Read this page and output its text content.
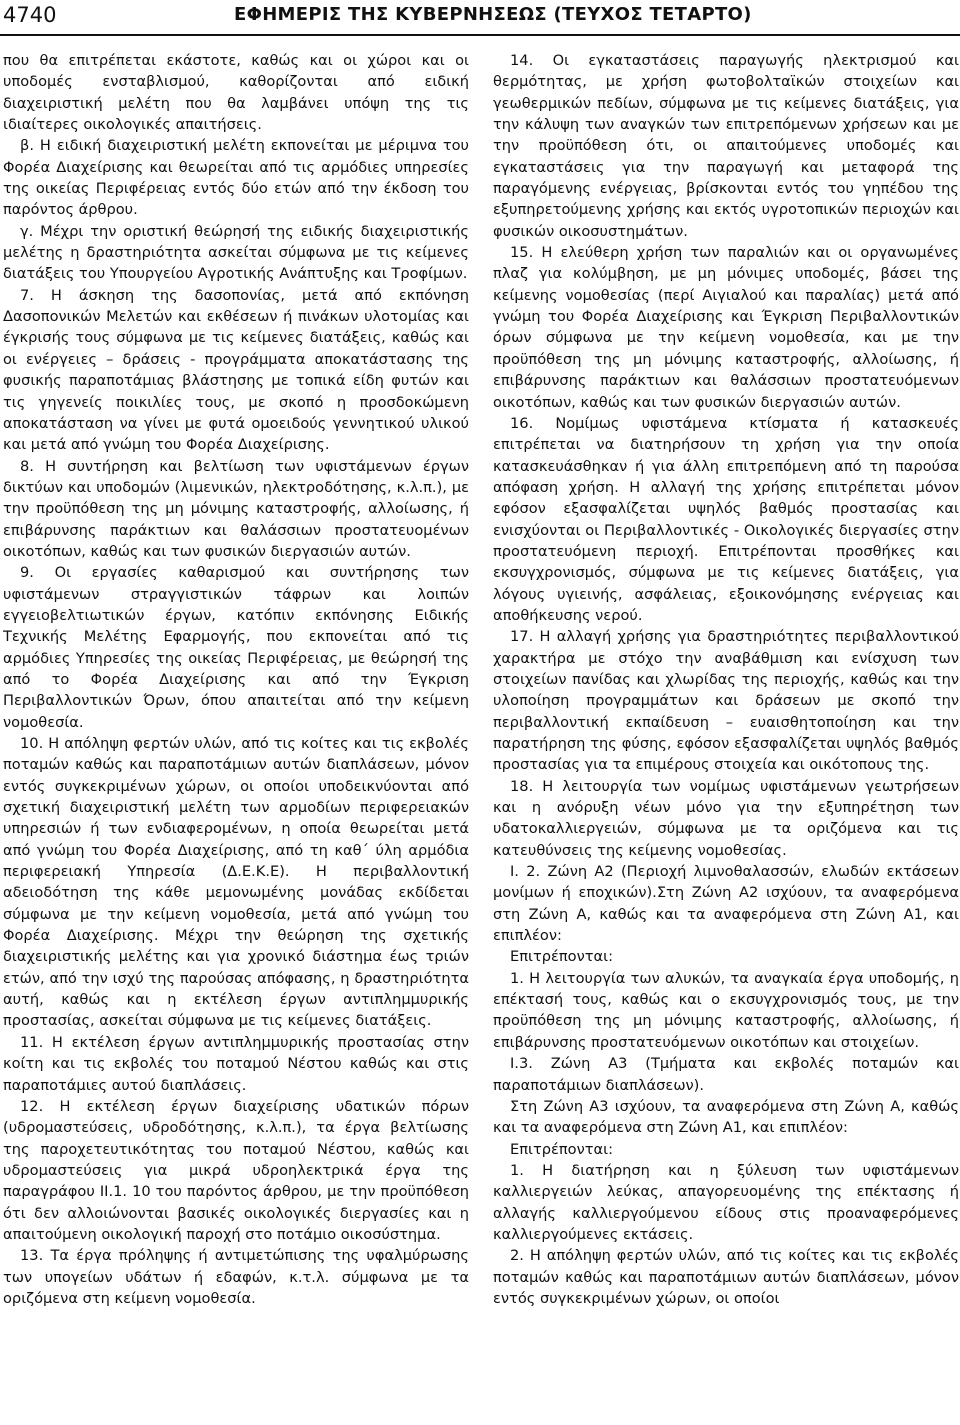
4740	ΕΦΗΜΕΡΙΣ ΤΗΣ ΚΥΒΕΡΝΗΣΕΩΣ (ΤΕΥΧΟΣ ΤΕΤΑΡΤΟ)

που θα επιτρέπεται εκάστοτε, καθώς και οι χώροι και οι υποδομές ενσταβλισμού, καθορίζονται από ειδική διαχειριστική μελέτη που θα λαμβάνει υπόψη της τις ιδιαίτερες οικολογικές απαιτήσεις.

β. Η ειδική διαχειριστική μελέτη εκπονείται με μέριμνα του Φορέα Διαχείρισης και θεωρείται από τις αρμόδιες υπηρεσίες της οικείας Περιφέρειας εντός δύο ετών από την έκδοση του παρόντος άρθρου.

γ. Μέχρι την οριστική θεώρησή της ειδικής διαχειριστικής μελέτης η δραστηριότητα ασκείται σύμφωνα με τις κείμενες διατάξεις του Υπουργείου Αγροτικής Ανάπτυξης και Τροφίμων.

7. Η άσκηση της δασοπονίας, μετά από εκπόνηση Δασοπονικών Μελετών και εκθέσεων ή πινάκων υλοτομίας και έγκρισής τους σύμφωνα με τις κείμενες διατάξεις, καθώς και οι ενέργειες – δράσεις - προγράμματα αποκατάστασης της φυσικής παραποτάμιας βλάστησης με τοπικά είδη φυτών και τις γηγενείς ποικιλίες τους, με σκοπό η προσδοκώμενη αποκατάσταση να γίνει με φυτά ομοειδούς γεννητικού υλικού και μετά από γνώμη του Φορέα Διαχείρισης.

8. Η συντήρηση και βελτίωση των υφιστάμενων έργων δικτύων και υποδομών (λιμενικών, ηλεκτροδότησης, κ.λ.π.), με την προϋπόθεση της μη μόνιμης καταστροφής, αλλοίωσης, ή επιβάρυνσης παράκτιων και θαλάσσιων προστατευομένων οικοτόπων, καθώς και των φυσικών διεργασιών αυτών.

9. Οι εργασίες καθαρισμού και συντήρησης των υφιστάμενων στραγγιστικών τάφρων και λοιπών εγγειοβελτιωτικών έργων, κατόπιν εκπόνησης Ειδικής Τεχνικής Μελέτης Εφαρμογής, που εκπονείται από τις αρμόδιες Υπηρεσίες της οικείας Περιφέρειας, με θεώρησή της από το Φορέα Διαχείρισης και από την Έγκριση Περιβαλλοντικών Όρων, όπου απαιτείται από την κείμενη νομοθεσία.

10. Η απόληψη φερτών υλών, από τις κοίτες και τις εκβολές ποταμών καθώς και παραποτάμιων αυτών διαπλάσεων, μόνον εντός συγκεκριμένων χώρων, οι οποίοι υποδεικνύονται από σχετική διαχειριστική μελέτη των αρμοδίων περιφερειακών υπηρεσιών ή των ενδιαφερομένων, η οποία θεωρείται μετά από γνώμη του Φορέα Διαχείρισης, από τη καθ΄ ύλη αρμόδια περιφερειακή Υπηρεσία (Δ.Ε.Κ.Ε). Η περιβαλλοντική αδειοδότηση της κάθε μεμονωμένης μονάδας εκδίδεται σύμφωνα με την κείμενη νομοθεσία, μετά από γνώμη του Φορέα Διαχείρισης. Μέχρι την θεώρηση της σχετικής διαχειριστικής μελέτης και για χρονικό διάστημα έως τριών ετών, από την ισχύ της παρούσας απόφασης, η δραστηριότητα αυτή, καθώς και η εκτέλεση έργων αντιπλημμυρικής προστασίας, ασκείται σύμφωνα με τις κείμενες διατάξεις.

11. Η εκτέλεση έργων αντιπλημμυρικής προστασίας στην κοίτη και τις εκβολές του ποταμού Νέστου καθώς και στις παραποτάμιες αυτού διαπλάσεις.

12. Η εκτέλεση έργων διαχείρισης υδατικών πόρων (υδρομαστεύσεις, υδροδότησης, κ.λ.π.), τα έργα βελτίωσης της παροχετευτικότητας του ποταμού Νέστου, καθώς και υδρομαστεύσεις για μικρά υδροηλεκτρικά έργα της παραγράφου ΙΙ.1. 10 του παρόντος άρθρου, με την προϋπόθεση ότι δεν αλλοιώνονται βασικές οικολογικές διεργασίες και η απαιτούμενη οικολογική παροχή στο ποτάμιο οικοσύστημα.

13. Τα έργα πρόληψης ή αντιμετώπισης της υφαλμύρωσης των υπογείων υδάτων ή εδαφών, κ.τ.λ. σύμφωνα με τα οριζόμενα στη κείμενη νομοθεσία.

14. Οι εγκαταστάσεις παραγωγής ηλεκτρισμού και θερμότητας, με χρήση φωτοβολταϊκών στοιχείων και γεωθερμικών πεδίων, σύμφωνα με τις κείμενες διατάξεις, για την κάλυψη των αναγκών των επιτρεπόμενων χρήσεων και με την προϋπόθεση ότι, οι απαιτούμενες υποδομές και εγκαταστάσεις για την παραγωγή και μεταφορά της παραγόμενης ενέργειας, βρίσκονται εντός του γηπέδου της εξυπηρετούμενης χρήσης και εκτός υγροτοπικών περιοχών και φυσικών οικοσυστημάτων.

15. Η ελεύθερη χρήση των παραλιών και οι οργανωμένες πλαζ για κολύμβηση, με μη μόνιμες υποδομές, βάσει της κείμενης νομοθεσίας (περί Αιγιαλού και παραλίας) μετά από γνώμη του Φορέα Διαχείρισης και Έγκριση Περιβαλλοντικών όρων σύμφωνα με την κείμενη νομοθεσία, και με την προϋπόθεση της μη μόνιμης καταστροφής, αλλοίωσης, ή επιβάρυνσης παράκτιων και θαλάσσιων προστατευόμενων οικοτόπων, καθώς και των φυσικών διεργασιών αυτών.

16. Νομίμως υφιστάμενα κτίσματα ή κατασκευές επιτρέπεται να διατηρήσουν τη χρήση για την οποία κατασκευάσθηκαν ή για άλλη επιτρεπόμενη από τη παρούσα απόφαση χρήση. Η αλλαγή της χρήσης επιτρέπεται μόνον εφόσον εξασφαλίζεται υψηλός βαθμός προστασίας και ενισχύονται οι Περιβαλλοντικές - Οικολογικές διεργασίες στην προστατευόμενη περιοχή. Επιτρέπονται προσθήκες και εκσυγχρονισμός, σύμφωνα με τις κείμενες διατάξεις, για λόγους υγιεινής, ασφάλειας, εξοικονόμησης ενέργειας και αποθήκευσης νερού.

17. Η αλλαγή χρήσης για δραστηριότητες περιβαλλοντικού χαρακτήρα με στόχο την αναβάθμιση και ενίσχυση των στοιχείων πανίδας και χλωρίδας της περιοχής, καθώς και την υλοποίηση προγραμμάτων και δράσεων με σκοπό την περιβαλλοντική εκπαίδευση – ευαισθητοποίηση και την παρατήρηση της φύσης, εφόσον εξασφαλίζεται υψηλός βαθμός προστασίας για τα επιμέρους στοιχεία και οικότοπους της.

18. Η λειτουργία των νομίμως υφιστάμενων γεωτρήσεων και η ανόρυξη νέων μόνο για την εξυπηρέτηση των υδατοκαλλιεργειών, σύμφωνα με τα οριζόμενα και τις κατευθύνσεις της κείμενης νομοθεσίας.

Ι. 2. Ζώνη Α2 (Περιοχή λιμνοθαλασσών, ελωδών εκτάσεων μονίμων ή εποχικών).Στη Ζώνη Α2 ισχύουν, τα αναφερόμενα στη Ζώνη Α, καθώς και τα αναφερόμενα στη Ζώνη Α1, και επιπλέον:

Επιτρέπονται:

1. Η λειτουργία των αλυκών, τα αναγκαία έργα υποδομής, η επέκτασή τους, καθώς και ο εκσυγχρονισμός τους, με την προϋπόθεση της μη μόνιμης καταστροφής, αλλοίωσης, ή επιβάρυνσης προστατευόμενων οικοτόπων και στοιχείων.

Ι.3. Ζώνη Α3 (Τμήματα και εκβολές ποταμών και παραποτάμιων διαπλάσεων).

Στη Ζώνη Α3 ισχύουν, τα αναφερόμενα στη Ζώνη Α, καθώς και τα αναφερόμενα στη Ζώνη Α1, και επιπλέον:

Επιτρέπονται:

1. Η διατήρηση και η ξύλευση των υφιστάμενων καλλιεργειών λεύκας, απαγορευομένης της επέκτασης ή αλλαγής καλλιεργούμενου είδους στις προαναφερόμενες καλλιεργούμενες εκτάσεις.

2. Η απόληψη φερτών υλών, από τις κοίτες και τις εκβολές ποταμών καθώς και παραποτάμιων αυτών διαπλάσεων, μόνον εντός συγκεκριμένων χώρων, οι οποίοι
